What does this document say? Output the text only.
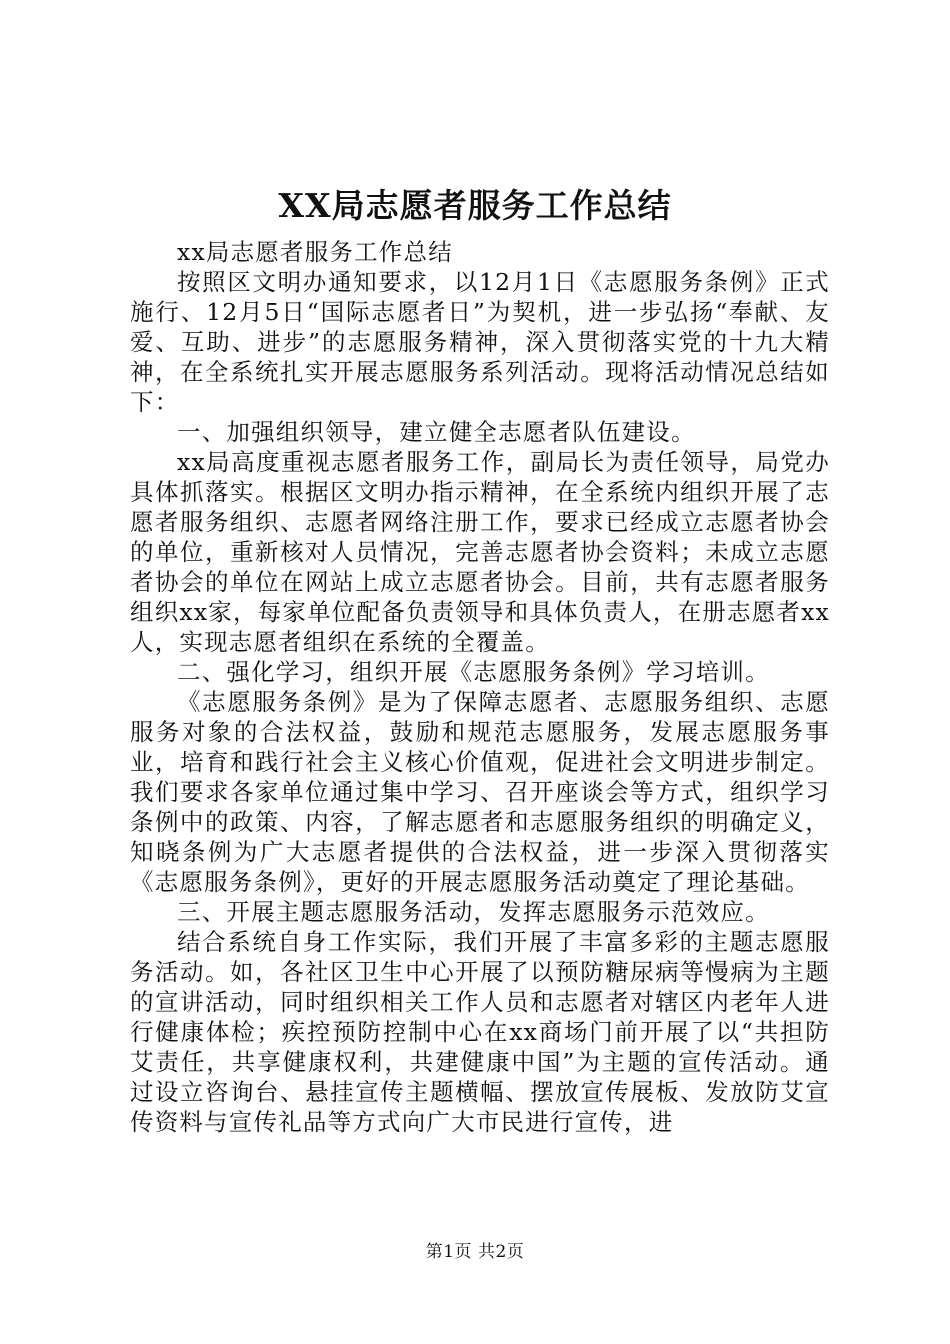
XX局志愿者服务工作总结

xx局志愿者服务工作总结

按照区文明办通知要求，以12月1日《志愿服务条例》正式施行、12月5日“国际志愿者日”为契机，进一步弘扬“奉献、友爱、互助、进步”的志愿服务精神，深入贯彻落实党的十九大精神，在全系统扎实开展志愿服务系列活动。现将活动情况总结如下：

一、加强组织领导，建立健全志愿者队伍建设。

xx局高度重视志愿者服务工作，副局长为责任领导，局党办具体抓落实。根据区文明办指示精神，在全系统内组织开展了志愿者服务组织、志愿者网络注册工作，要求已经成立志愿者协会的单位，重新核对人员情况，完善志愿者协会资料；未成立志愿者协会的单位在网站上成立志愿者协会。目前，共有志愿者服务组织xx家，每家单位配备负责领导和具体负责人，在册志愿者xx人，实现志愿者组织在系统的全覆盖。

二、强化学习，组织开展《志愿服务条例》学习培训。

《志愿服务条例》是为了保障志愿者、志愿服务组织、志愿服务对象的合法权益，鼓励和规范志愿服务，发展志愿服务事业，培育和践行社会主义核心价值观，促进社会文明进步制定。我们要求各家单位通过集中学习、召开座谈会等方式，组织学习条例中的政策、内容，了解志愿者和志愿服务组织的明确定义，知晓条例为广大志愿者提供的合法权益，进一步深入贯彻落实《志愿服务条例》，更好的开展志愿服务活动奠定了理论基础。

三、开展主题志愿服务活动，发挥志愿服务示范效应。

结合系统自身工作实际，我们开展了丰富多彩的主题志愿服务活动。如，各社区卫生中心开展了以预防糖尿病等慢病为主题的宣讲活动，同时组织相关工作人员和志愿者对辖区内老年人进行健康体检；疾控预防控制中心在xx商场门前开展了以“共担防艾责任，共享健康权利，共建健康中国”为主题的宣传活动。通过设立咨询台、悬挂宣传主题横幅、摆放宣传展板、发放防艾宣传资料与宣传礼品等方式向广大市民进行宣传，进

第1页 共2页
